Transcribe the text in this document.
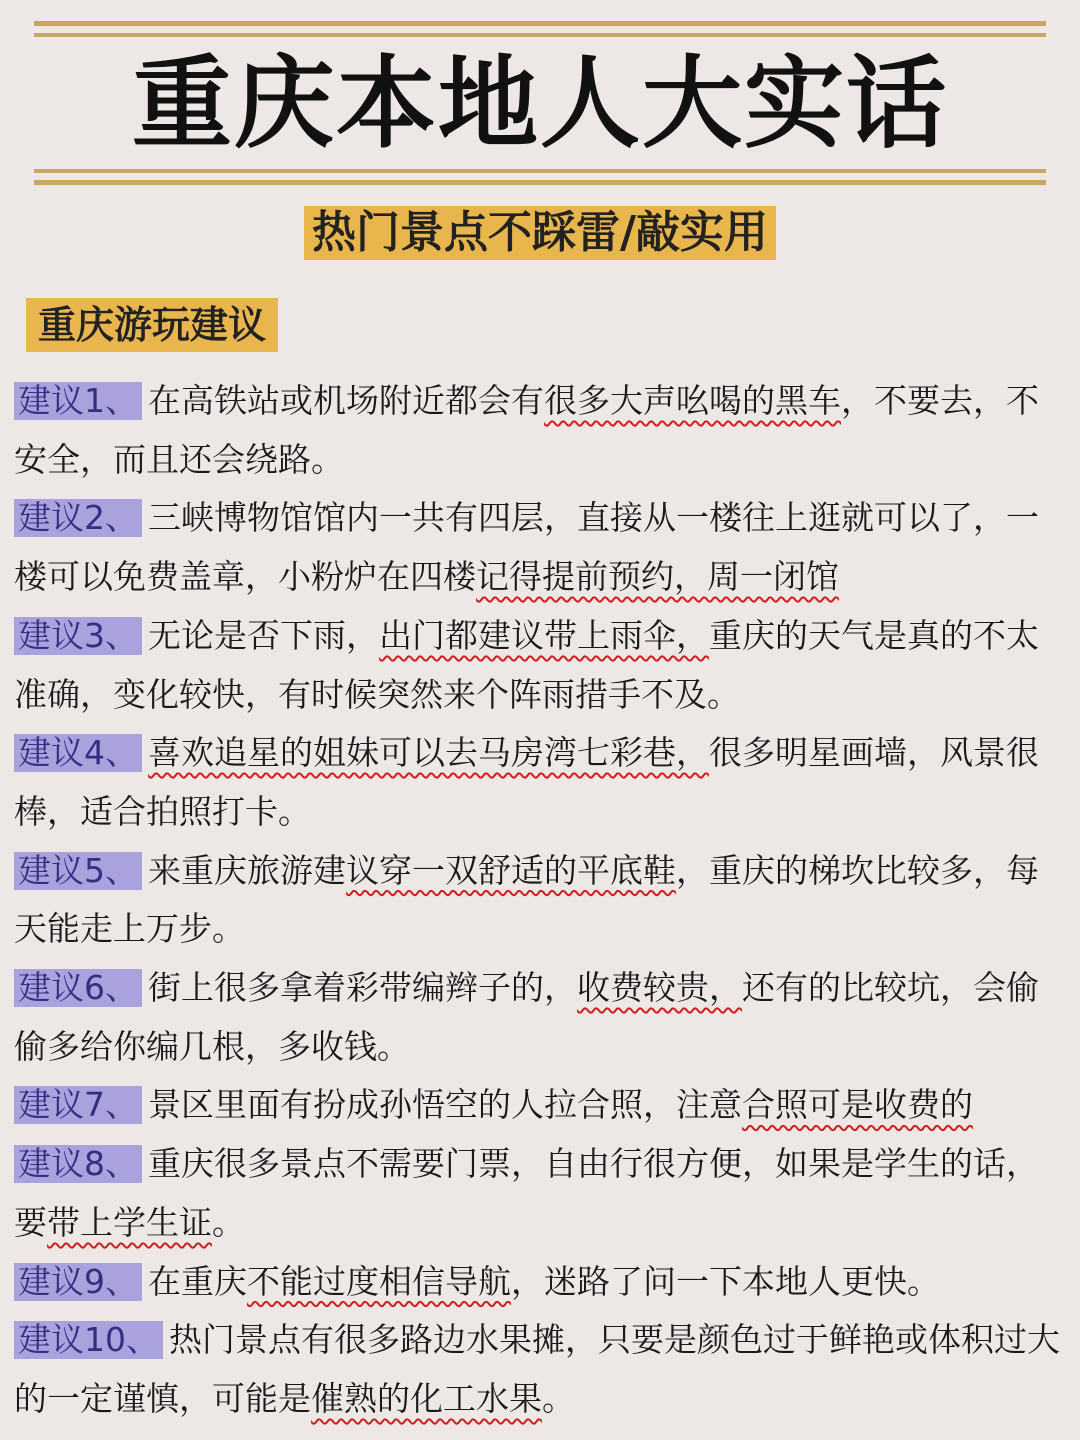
重庆本地人大实话
热门景点不踩雷/敲实用
重庆游玩建议
建议1、 在高铁站或机场附近都会有很多大声吆喝的黑车，不要去，不安全，而且还会绕路。
建议2、 三峡博物馆馆内一共有四层，直接从一楼往上逛就可以了，一楼可以免费盖章，小粉炉在四楼记得提前预约，周一闭馆
建议3、 无论是否下雨，出门都建议带上雨伞，重庆的天气是真的不太准确，变化较快，有时候突然来个阵雨措手不及。
建议4、 喜欢追星的姐妹可以去马房湾七彩巷，很多明星画墙，风景很棒，适合拍照打卡。
建议5、 来重庆旅游建议穿一双舒适的平底鞋，重庆的梯坎比较多，每天能走上万步。
建议6、 街上很多拿着彩带编辫子的，收费较贵，还有的比较坑，会偷偷多给你编几根，多收钱。
建议7、 景区里面有扮成孙悟空的人拉合照，注意合照可是收费的
建议8、 重庆很多景点不需要门票，自由行很方便，如果是学生的话，要带上学生证。
建议9、 在重庆不能过度相信导航，迷路了问一下本地人更快。
建议10、 热门景点有很多路边水果摊，只要是颜色过于鲜艳或体积过大的一定谨慎，可能是催熟的化工水果。
